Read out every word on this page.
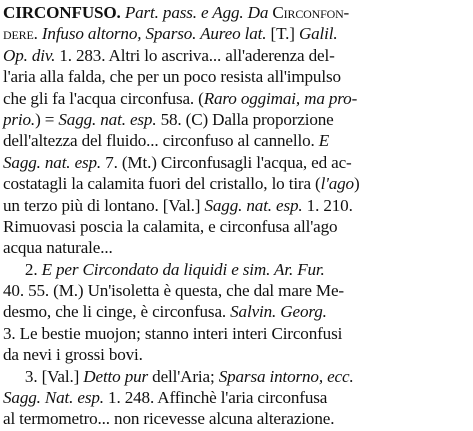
CIRCONFUSO. Part. pass. e Agg. Da Circonfon-
dere. Infuso altorno, Sparso. Aureo lat. [T.] Galil.
Op. div. 1. 283. Altri lo ascriva... all'aderenza del-
l'aria alla falda, che per un poco resista all'impulso
che gli fa l'acqua circonfusa. (Raro oggimai, ma pro-
prio.) = Sagg. nat. esp. 58. (C) Dalla proporzione
dell'altezza del fluido... circonfuso al cannello. E
Sagg. nat. esp. 7. (Mt.) Circonfusagli l'acqua, ed ac-
costatagli la calamita fuori del cristallo, lo tira (l'ago)
un terzo più di lontano. [Val.] Sagg. nat. esp. 1. 210.
Rimuovasi poscia la calamita, e circonfusa all'ago
acqua naturale...
2. E per Circondato da liquidi e sim. Ar. Fur.
40. 55. (M.) Un'isoletta è questa, che dal mare Me-
desmo, che li cinge, è circonfusa. Salvin. Georg.
3. Le bestie muojon; stanno interi interi Circonfusi
da nevi i grossi bovi.
3. [Val.] Detto pur dell'Aria; Sparsa intorno, ecc.
Sagg. Nat. esp. 1. 248. Affinchè l'aria circonfusa
al termometro... non ricevesse alcuna alterazione.
